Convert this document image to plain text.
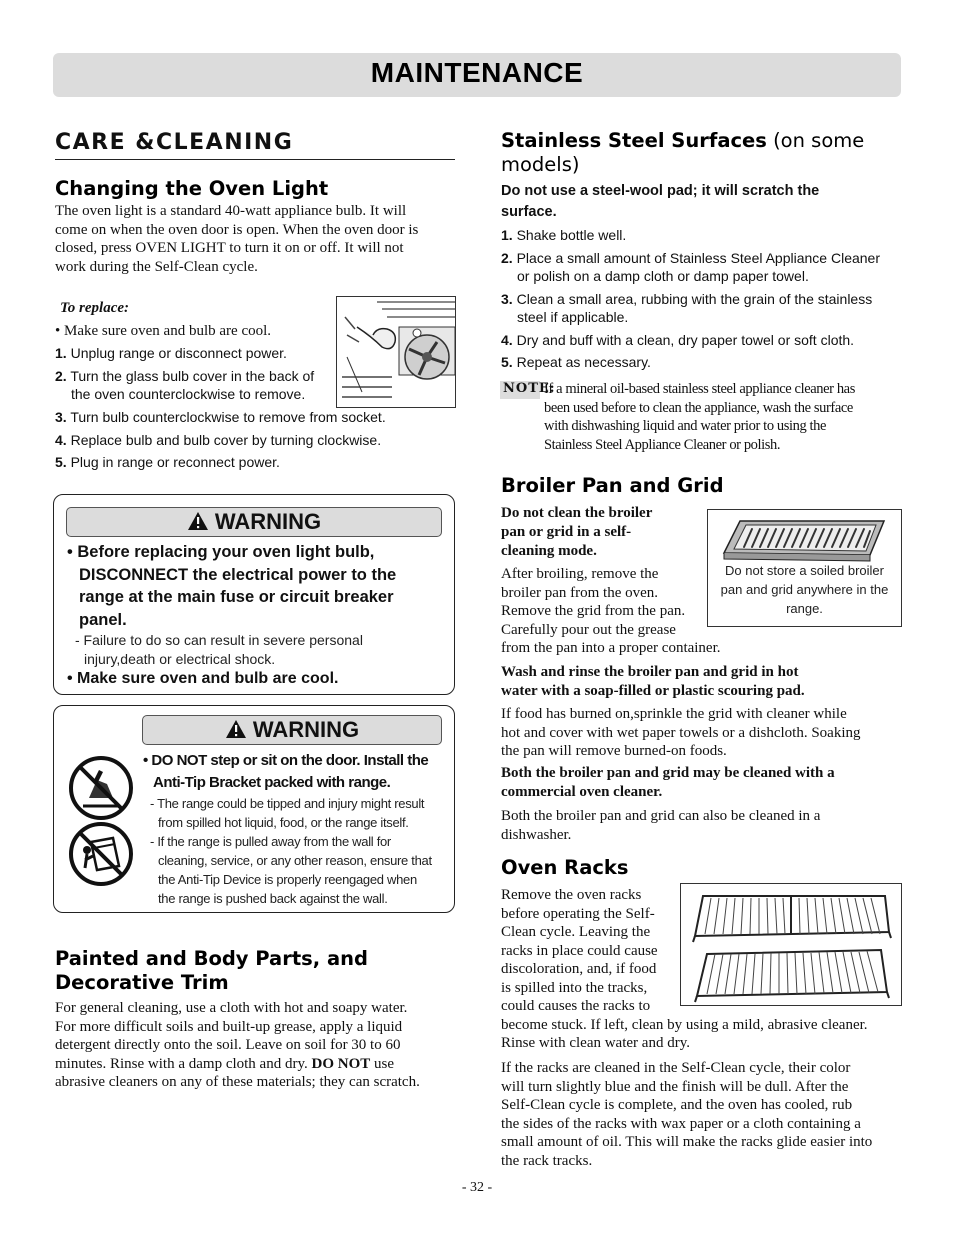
MAINTENANCE
CARE &CLEANING
Changing the Oven Light
The oven light is a standard 40-watt appliance bulb. It will
come on when the oven door is open. When the oven door is
closed, press OVEN LIGHT to turn it on or off. It will not
work during the Self-Clean cycle.
To replace:
• Make sure oven and bulb are cool.
1. Unplug range or disconnect power.
2. Turn the glass bulb cover in the back of
the oven counterclockwise to remove.
3. Turn bulb counterclockwise to remove from socket.
4. Replace bulb and bulb cover by turning clockwise.
5. Plug in range or reconnect power.
WARNING
• Before replacing your oven light bulb,
DISCONNECT the electrical power to the
range at the main fuse or circuit breaker
panel.
- Failure to do so can result in severe personal
injury,death or electrical shock.
• Make sure oven and bulb are cool.
WARNING
• DO NOT step or sit on the door. Install the
Anti-Tip Bracket packed with range.
- The range could be tipped and injury might result
from spilled hot liquid, food, or the range itself.
- If the range is pulled away from the wall for
cleaning, service, or any other reason, ensure that
the Anti-Tip Device is properly reengaged when
the range is pushed back against the wall.
Painted and Body Parts, and
Decorative Trim
For general cleaning, use a cloth with hot and soapy water.
For more difficult soils and built-up grease, apply a liquid
detergent directly onto the soil. Leave on soil for 30 to 60
minutes. Rinse with a damp cloth and dry. DO NOT use
abrasive cleaners on any of these materials; they can scratch.
Stainless Steel Surfaces (on some
models)
Do not use a steel-wool pad; it will scratch the
surface.
1. Shake bottle well.
2. Place a small amount of Stainless Steel Appliance Cleaner
or polish on a damp cloth or damp paper towel.
3. Clean a small area, rubbing with the grain of the stainless
steel if applicable.
4. Dry and buff with a clean, dry paper towel or soft cloth.
5. Repeat as necessary.
NOTE:
If a mineral oil-based stainless steel appliance cleaner has
been used before to clean the appliance, wash the surface
with dishwashing liquid and water prior to using the
Stainless Steel Appliance Cleaner or polish.
Broiler Pan and Grid
Do not clean the broiler
pan or grid in a self-
cleaning mode.
After broiling, remove the
broiler pan from the oven.
Remove the grid from the pan.
Carefully pour out the grease
from the pan into a proper container.
Do not store a soiled broiler
pan and grid anywhere in the
range.
Wash and rinse the broiler pan and grid in hot
water with a soap-filled or plastic scouring pad.
If food has burned on,sprinkle the grid with cleaner while
hot and cover with wet paper towels or a dishcloth. Soaking
the pan will remove burned-on foods.
Both the broiler pan and grid may be cleaned with a
commercial oven cleaner.
Both the broiler pan and grid can also be cleaned in a
dishwasher.
Oven Racks
Remove the oven racks
before operating the Self-
Clean cycle. Leaving the
racks in place could cause
discoloration, and, if food
is spilled into the tracks,
could causes the racks to
become stuck. If left, clean by using a mild, abrasive cleaner.
Rinse with clean water and dry.
If the racks are cleaned in the Self-Clean cycle, their color
will turn slightly blue and the finish will be dull. After the
Self-Clean cycle is complete, and the oven has cooled, rub
the sides of the racks with wax paper or a cloth containing a
small amount of oil. This will make the racks glide easier into
the rack tracks.
- 32 -
